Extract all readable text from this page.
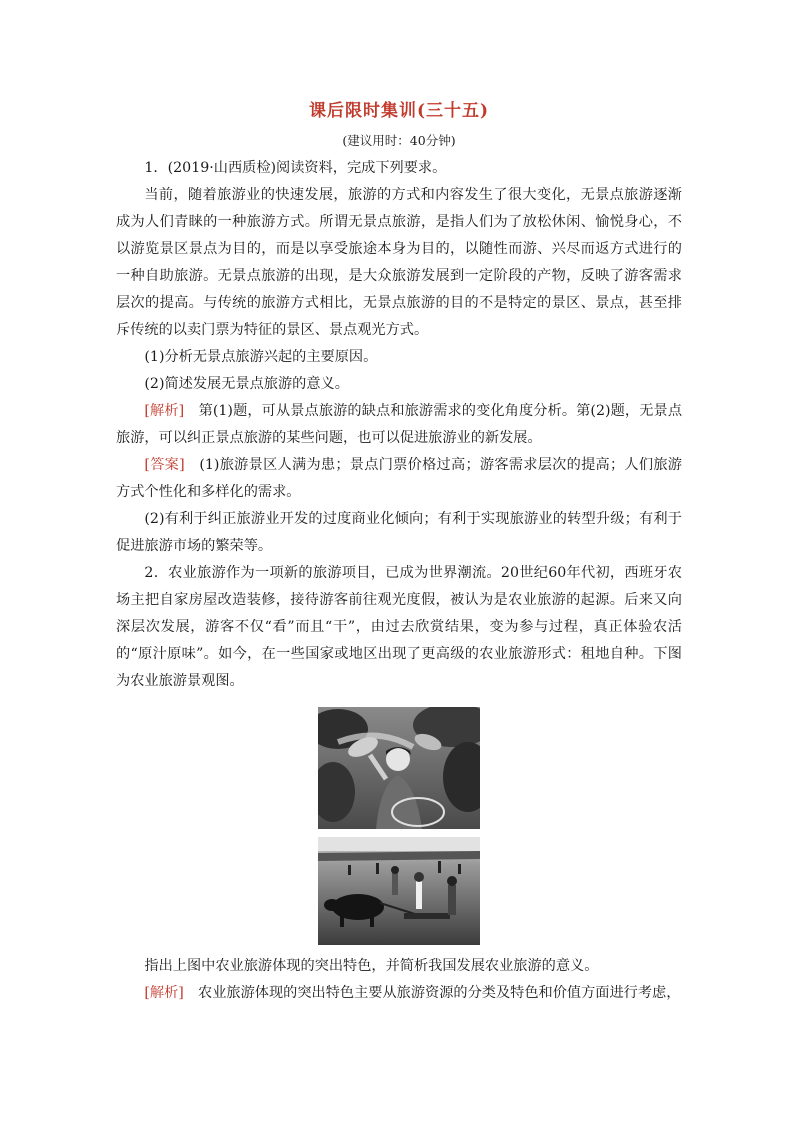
课后限时集训(三十五)
(建议用时：40分钟)

1．(2019·山西质检)阅读资料，完成下列要求。

当前，随着旅游业的快速发展，旅游的方式和内容发生了很大变化，无景点旅游逐渐成为人们青睐的一种旅游方式。所谓无景点旅游，是指人们为了放松休闲、愉悦身心，不以游览景区景点为目的，而是以享受旅途本身为目的，以随性而游、兴尽而返方式进行的一种自助旅游。无景点旅游的出现，是大众旅游发展到一定阶段的产物，反映了游客需求层次的提高。与传统的旅游方式相比，无景点旅游的目的不是特定的景区、景点，甚至排斥传统的以卖门票为特征的景区、景点观光方式。

(1)分析无景点旅游兴起的主要原因。

(2)简述发展无景点旅游的意义。

[解析]　第(1)题，可从景点旅游的缺点和旅游需求的变化角度分析。第(2)题，无景点旅游，可以纠正景点旅游的某些问题，也可以促进旅游业的新发展。

[答案]　(1)旅游景区人满为患；景点门票价格过高；游客需求层次的提高；人们旅游方式个性化和多样化的需求。

(2)有利于纠正旅游业开发的过度商业化倾向；有利于实现旅游业的转型升级；有利于促进旅游市场的繁荣等。

2．农业旅游作为一项新的旅游项目，已成为世界潮流。20世纪60年代初，西班牙农场主把自家房屋改造装修，接待游客前往观光度假，被认为是农业旅游的起源。后来又向深层次发展，游客不仅“看”而且“干”，由过去欣赏结果，变为参与过程，真正体验农活的“原汁原味”。如今，在一些国家或地区出现了更高级的农业旅游形式：租地自种。下图为农业旅游景观图。

指出上图中农业旅游体现的突出特色，并简析我国发展农业旅游的意义。

[解析]　农业旅游体现的突出特色主要从旅游资源的分类及特色和价值方面进行考虑，
